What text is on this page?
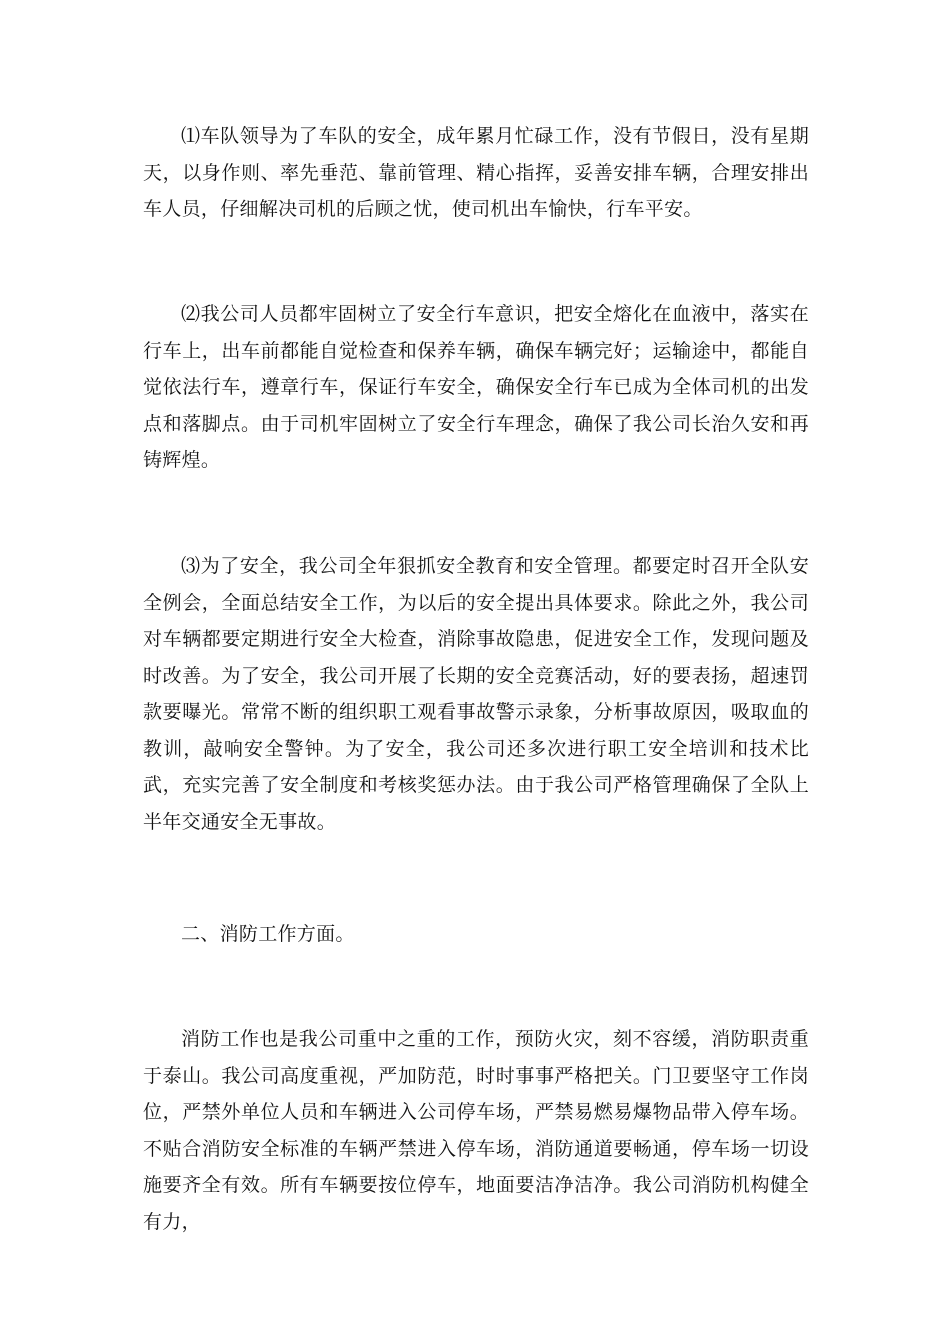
⑴车队领导为了车队的安全，成年累月忙碌工作，没有节假日，没有星期天，以身作则、率先垂范、靠前管理、精心指挥，妥善安排车辆，合理安排出车人员，仔细解决司机的后顾之忧，使司机出车愉快，行车平安。

⑵我公司人员都牢固树立了安全行车意识，把安全熔化在血液中，落实在行车上，出车前都能自觉检查和保养车辆，确保车辆完好；运输途中，都能自觉依法行车，遵章行车，保证行车安全，确保安全行车已成为全体司机的出发点和落脚点。由于司机牢固树立了安全行车理念，确保了我公司长治久安和再铸辉煌。

⑶为了安全，我公司全年狠抓安全教育和安全管理。都要定时召开全队安全例会，全面总结安全工作，为以后的安全提出具体要求。除此之外，我公司对车辆都要定期进行安全大检查，消除事故隐患，促进安全工作，发现问题及时改善。为了安全，我公司开展了长期的安全竞赛活动，好的要表扬，超速罚款要曝光。常常不断的组织职工观看事故警示录象，分析事故原因，吸取血的教训，敲响安全警钟。为了安全，我公司还多次进行职工安全培训和技术比武，充实完善了安全制度和考核奖惩办法。由于我公司严格管理确保了全队上半年交通安全无事故。

二、消防工作方面。

消防工作也是我公司重中之重的工作，预防火灾，刻不容缓，消防职责重于泰山。我公司高度重视，严加防范，时时事事严格把关。门卫要坚守工作岗位，严禁外单位人员和车辆进入公司停车场，严禁易燃易爆物品带入停车场。不贴合消防安全标准的车辆严禁进入停车场，消防通道要畅通，停车场一切设施要齐全有效。所有车辆要按位停车，地面要洁净洁净。我公司消防机构健全有力，
